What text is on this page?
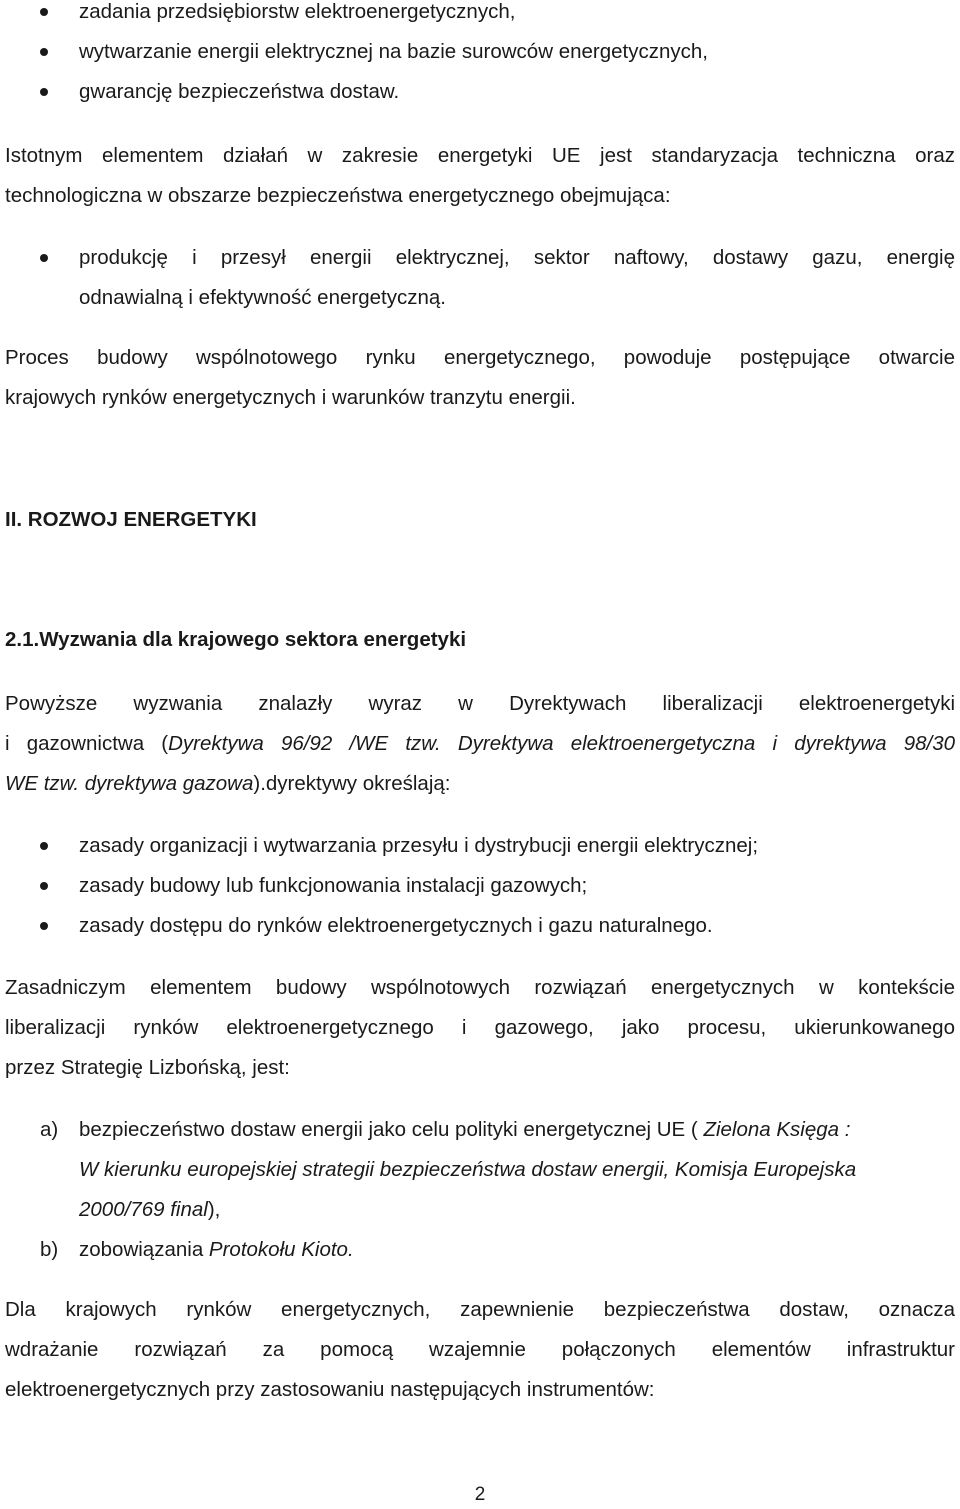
zadania przedsiębiorstw elektroenergetycznych,
wytwarzanie energii elektrycznej na bazie surowców energetycznych,
gwarancję bezpieczeństwa dostaw.
Istotnym elementem działań w zakresie energetyki UE jest standaryzacja techniczna oraz
technologiczna w obszarze bezpieczeństwa energetycznego obejmująca:
produkcję i przesył energii elektrycznej, sektor naftowy, dostawy gazu, energię
odnawialną i efektywność energetyczną.
Proces budowy wspólnotowego rynku energetycznego, powoduje postępujące otwarcie
krajowych rynków energetycznych i warunków tranzytu energii.
II. ROZWOJ ENERGETYKI
2.1.Wyzwania dla krajowego sektora energetyki
Powyższe wyzwania znalazły wyraz w Dyrektywach liberalizacji elektroenergetyki
i gazownictwa (Dyrektywa 96/92 /WE tzw. Dyrektywa elektroenergetyczna i dyrektywa 98/30
WE tzw. dyrektywa gazowa).dyrektywy określają:
zasady organizacji i wytwarzania przesyłu i dystrybucji energii elektrycznej;
zasady budowy lub funkcjonowania instalacji gazowych;
zasady dostępu do rynków elektroenergetycznych i gazu naturalnego.
Zasadniczym elementem budowy wspólnotowych rozwiązań energetycznych w kontekście
liberalizacji rynków elektroenergetycznego i gazowego, jako procesu, ukierunkowanego
przez Strategię Lizbońską, jest:
a) bezpieczeństwo dostaw energii jako celu polityki energetycznej UE ( Zielona Księga :
W kierunku europejskiej strategii bezpieczeństwa dostaw energii, Komisja Europejska
2000/769 final),
b) zobowiązania Protokołu Kioto.
Dla krajowych rynków energetycznych, zapewnienie bezpieczeństwa dostaw, oznacza
wdrażanie rozwiązań za pomocą wzajemnie połączonych elementów infrastruktur
elektroenergetycznych przy zastosowaniu następujących instrumentów:
2
